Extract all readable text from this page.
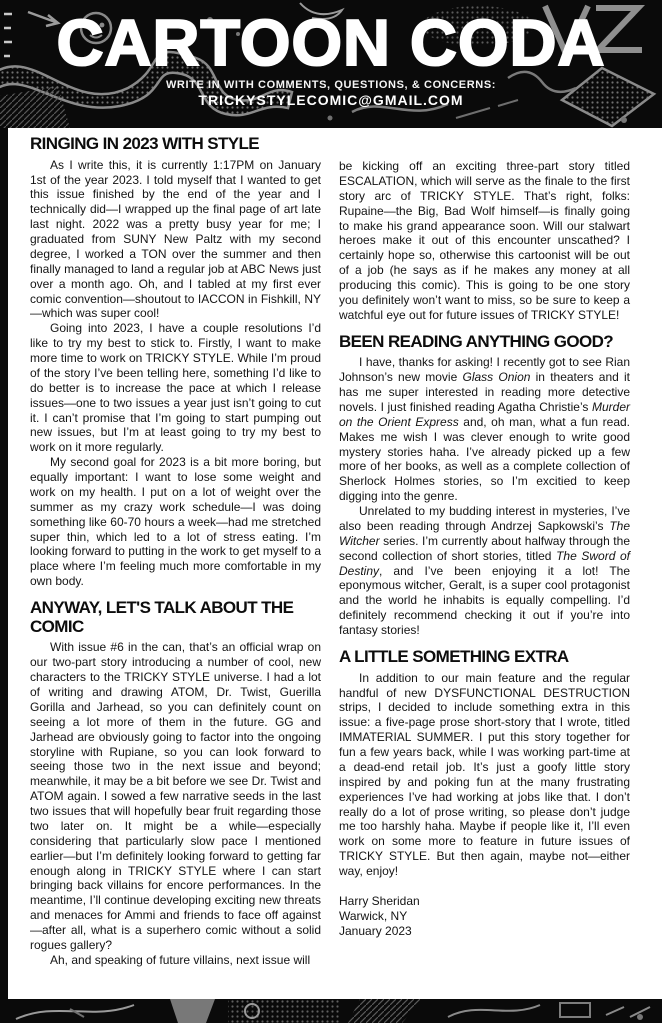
CARTOON CODA
WRITE IN WITH COMMENTS, QUESTIONS, & CONCERNS:
TRICKYSTYLECOMIC@GMAIL.COM
RINGING IN 2023 WITH STYLE

As I write this, it is currently 1:17PM on January 1st of the year 2023. I told myself that I wanted to get this issue finished by the end of the year and I technically did—I wrapped up the final page of art late last night. 2022 was a pretty busy year for me; I graduated from SUNY New Paltz with my second degree, I worked a TON over the summer and then finally managed to land a regular job at ABC News just over a month ago. Oh, and I tabled at my first ever comic convention—shoutout to IACCON in Fishkill, NY—which was super cool!

Going into 2023, I have a couple resolutions I’d like to try my best to stick to. Firstly, I want to make more time to work on TRICKY STYLE. While I’m proud of the story I’ve been telling here, something I’d like to do better is to increase the pace at which I release issues—one to two issues a year just isn’t going to cut it. I can’t promise that I’m going to start pumping out new issues, but I’m at least going to try my best to work on it more regularly.

My second goal for 2023 is a bit more boring, but equally important: I want to lose some weight and work on my health. I put on a lot of weight over the summer as my crazy work schedule—I was doing something like 60-70 hours a week—had me stretched super thin, which led to a lot of stress eating. I’m looking forward to putting in the work to get myself to a place where I’m feeling much more comfortable in my own body.

ANYWAY, LET'S TALK ABOUT THE COMIC

With issue #6 in the can, that’s an official wrap on our two-part story introducing a number of cool, new characters to the TRICKY STYLE universe. I had a lot of writing and drawing ATOM, Dr. Twist, Guerilla Gorilla and Jarhead, so you can definitely count on seeing a lot more of them in the future. GG and Jarhead are obviously going to factor into the ongoing storyline with Rupiane, so you can look forward to seeing those two in the next issue and beyond; meanwhile, it may be a bit before we see Dr. Twist and ATOM again. I sowed a few narrative seeds in the last two issues that will hopefully bear fruit regarding those two later on. It might be a while—especially considering that particularly slow pace I mentioned earlier—but I’m definitely looking forward to getting far enough along in TRICKY STYLE where I can start bringing back villains for encore performances. In the meantime, I’ll continue developing exciting new threats and menaces for Ammi and friends to face off against—after all, what is a superhero comic without a solid rogues gallery?

Ah, and speaking of future villains, next issue will

be kicking off an exciting three-part story titled ESCALATION, which will serve as the finale to the first story arc of TRICKY STYLE. That’s right, folks: Rupaine—the Big, Bad Wolf himself—is finally going to make his grand appearance soon. Will our stalwart heroes make it out of this encounter unscathed? I certainly hope so, otherwise this cartoonist will be out of a job (he says as if he makes any money at all producing this comic). This is going to be one story you definitely won’t want to miss, so be sure to keep a watchful eye out for future issues of TRICKY STYLE!

BEEN READING ANYTHING GOOD?

I have, thanks for asking! I recently got to see Rian Johnson’s new movie Glass Onion in theaters and it has me super interested in reading more detective novels. I just finished reading Agatha Christie’s Murder on the Orient Express and, oh man, what a fun read. Makes me wish I was clever enough to write good mystery stories haha. I’ve already picked up a few more of her books, as well as a complete collection of Sherlock Holmes stories, so I’m excitied to keep digging into the genre.

Unrelated to my budding interest in mysteries, I’ve also been reading through Andrzej Sapkowski’s The Witcher series. I’m currently about halfway through the second collection of short stories, titled The Sword of Destiny, and I’ve been enjoying it a lot! The eponymous witcher, Geralt, is a super cool protagonist and the world he inhabits is equally compelling. I’d definitely recommend checking it out if you’re into fantasy stories!

A LITTLE SOMETHING EXTRA

In addition to our main feature and the regular handful of new DYSFUNCTIONAL DESTRUCTION strips, I decided to include something extra in this issue: a five-page prose short-story that I wrote, titled IMMATERIAL SUMMER. I put this story together for fun a few years back, while I was working part-time at a dead-end retail job. It’s just a goofy little story inspired by and poking fun at the many frustrating experiences I’ve had working at jobs like that. I don’t really do a lot of prose writing, so please don’t judge me too harshly haha. Maybe if people like it, I’ll even work on some more to feature in future issues of TRICKY STYLE. But then again, maybe not—either way, enjoy!

Harry Sheridan

Warwick, NY

January 2023
